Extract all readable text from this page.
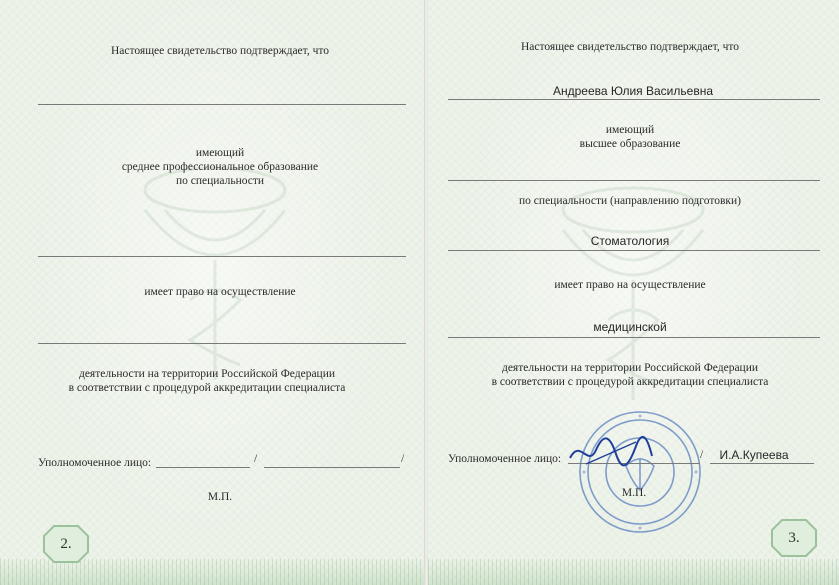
Настоящее свидетельство подтверждает, что
имеющий
среднее профессиональное образование
по специальности
имеет право на осуществление
деятельности на территории Российской Федерации
в соответствии с процедурой аккредитации специалиста
Уполномоченное лицо:	/	/
М.П.
2.
Настоящее свидетельство подтверждает, что
Андреева Юлия Васильевна
имеющий
высшее образование
по специальности (направлению подготовки)
Стоматология
имеет право на осуществление
медицинской
деятельности на территории Российской Федерации
в соответствии с процедурой аккредитации специалиста
Уполномоченное лицо:	/	И.А.Купеева
М.П.
3.
